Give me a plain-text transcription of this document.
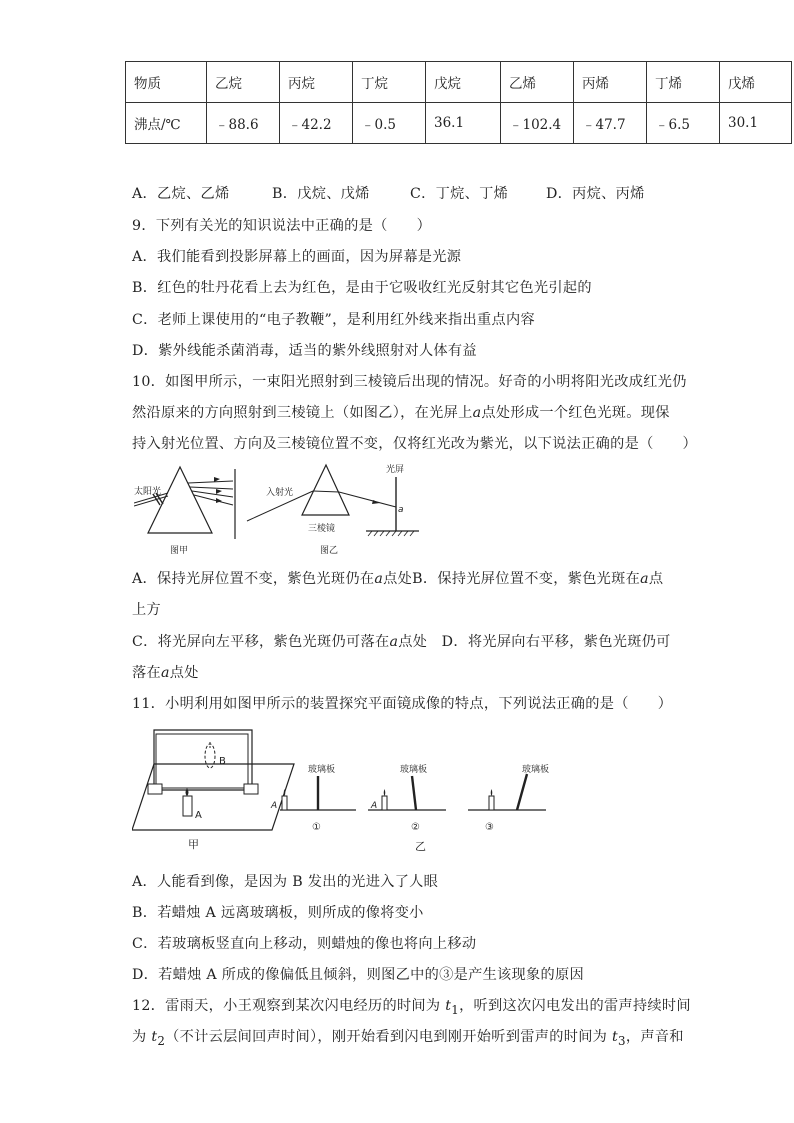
物质	乙烷	丙烷	丁烷	戊烷	乙烯	丙烯	丁烯	戊烯
沸点/℃	﹣88.6	﹣42.2	﹣0.5	36.1	﹣102.4	﹣47.7	﹣6.5	30.1
A．乙烷、乙烯	B．戊烷、戊烯	C．丁烷、丁烯	D．丙烷、丙烯
9．下列有关光的知识说法中正确的是（　　）
A．我们能看到投影屏幕上的画面，因为屏幕是光源
B．红色的牡丹花看上去为红色，是由于它吸收红光反射其它色光引起的
C．老师上课使用的“电子教鞭”，是利用红外线来指出重点内容
D．紫外线能杀菌消毒，适当的紫外线照射对人体有益
10．如图甲所示，一束阳光照射到三棱镜后出现的情况。好奇的小明将阳光改成红光仍
然沿原来的方向照射到三棱镜上（如图乙），在光屏上a点处形成一个红色光斑。现保
持入射光位置、方向及三棱镜位置不变，仅将红光改为紫光，以下说法正确的是（　　）
太阳光
图甲
入射光
三棱镜
光屏
a
图乙
A．保持光屏位置不变，紫色光斑仍在a点处B．保持光屏位置不变，紫色光斑在a点
上方
C．将光屏向左平移，紫色光斑仍可落在a点处　D．将光屏向右平移，紫色光斑仍可
落在a点处
11．小明利用如图甲所示的装置探究平面镜成像的特点，下列说法正确的是（　　）
B
A
甲
A
玻璃板
①
A
玻璃板
②
乙
玻璃板
③
A．人能看到像，是因为 B 发出的光进入了人眼
B．若蜡烛 A 远离玻璃板，则所成的像将变小
C．若玻璃板竖直向上移动，则蜡烛的像也将向上移动
D．若蜡烛 A 所成的像偏低且倾斜，则图乙中的③是产生该现象的原因
12．雷雨天，小王观察到某次闪电经历的时间为 $t_1$，听到这次闪电发出的雷声持续时间
为 $t_2$（不计云层间回声时间），刚开始看到闪电到刚开始听到雷声的时间为 $t_3$，声音和
